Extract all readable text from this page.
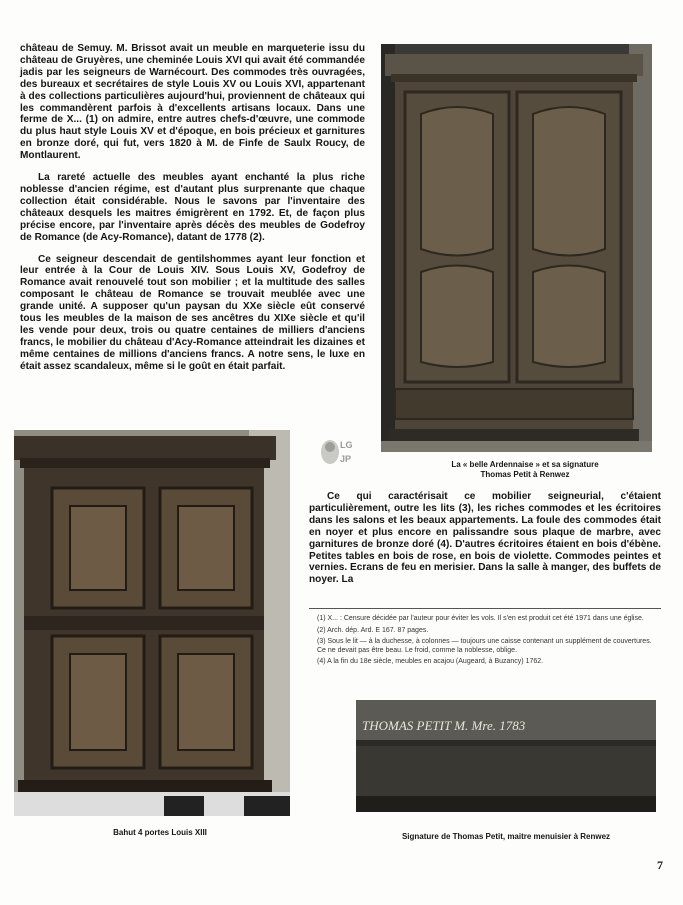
château de Semuy. M. Brissot avait un meuble en marqueterie issu du château de Gruyères, une cheminée Louis XVI qui avait été commandée jadis par les seigneurs de Warnécourt. Des commodes très ouvragées, des bureaux et secrétaires de style Louis XV ou Louis XVI, appartenant à des collections particulières aujourd'hui, proviennent de châteaux qui les commandèrent parfois à d'excellents artisans locaux. Dans une ferme de X... (1) on admire, entre autres chefs-d'œuvre, une commode du plus haut style Louis XV et d'époque, en bois précieux et garnitures en bronze doré, qui fut, vers 1820 à M. de Finfe de Saulx Roucy, de Montlaurent.

La rareté actuelle des meubles ayant enchanté la plus riche noblesse d'ancien régime, est d'autant plus surprenante que chaque collection était considérable. Nous le savons par l'inventaire des châteaux desquels les maitres émigrèrent en 1792. Et, de façon plus précise encore, par l'inventaire après décès des meubles de Godefroy de Romance (de Acy-Romance), datant de 1778 (2).

Ce seigneur descendait de gentilshommes ayant leur fonction et leur entrée à la Cour de Louis XIV. Sous Louis XV, Godefroy de Romance avait renouvelé tout son mobilier ; et la multitude des salles composant le château de Romance se trouvait meublée avec une grande unité. A supposer qu'un paysan du XXe siècle eût conservé tous les meubles de la maison de ses ancêtres du XIXe siècle et qu'il les vende pour deux, trois ou quatre centaines de milliers d'anciens francs, le mobilier du château d'Acy-Romance atteindrait les dizaines et même centaines de millions d'anciens francs. A notre sens, le luxe en était assez scandaleux, même si le goût en était parfait.

La « belle Ardennaise » et sa signature
Thomas Petit à Renwez
LG
JP
Bahut 4 portes Louis XIII

Ce qui caractérisait ce mobilier seigneurial, c'étaient particulièrement, outre les lits (3), les riches commodes et les écritoires dans les salons et les beaux appartements. La foule des commodes était en noyer et plus encore en palissandre sous plaque de marbre, avec garnitures de bronze doré (4). D'autres écritoires étaient en bois d'ébène. Petites tables en bois de rose, en bois de violette. Commodes peintes et vernies. Ecrans de feu en merisier. Dans la salle à manger, des buffets de noyer. La

(1) X... : Censure décidée par l'auteur pour éviter les vols. Il s'en est produit cet été 1971 dans une église.
(2) Arch. dép. Ard. E 167. 87 pages.
(3) Sous le lit — à la duchesse, à colonnes — toujours une caisse contenant un supplément de couvertures. Ce ne devait pas être beau. Le froid, comme la noblesse, oblige.
(4) A la fin du 18e siècle, meubles en acajou (Augeard, à Buzancy) 1762.
THOMAS PETIT M. Mre. 1783
Signature de Thomas Petit, maitre menuisier à Renwez
7
